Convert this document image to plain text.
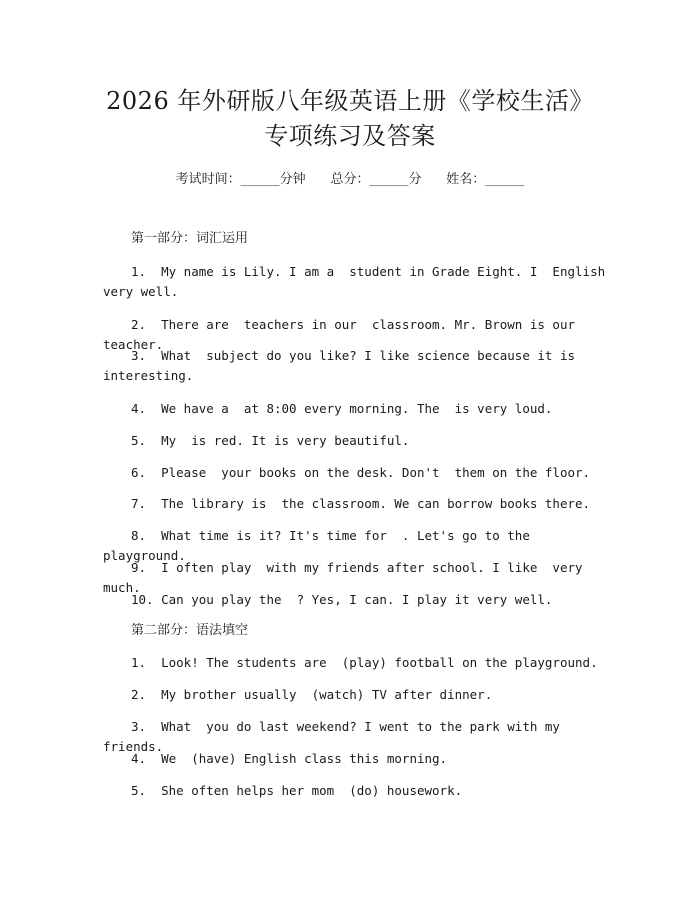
2026 年外研版八年级英语上册《学校生活》
专项练习及答案
考试时间：______分钟 总分：______分 姓名：______
第一部分：词汇运用
1.  My name is Lily. I am a  student in Grade Eight. I  English very well.
2.  There are  teachers in our  classroom. Mr. Brown is our  teacher.
3.  What  subject do you like? I like science because it is interesting.
4.  We have a  at 8:00 every morning. The  is very loud.
5.  My  is red. It is very beautiful.
6.  Please  your books on the desk. Don't  them on the floor.
7.  The library is  the classroom. We can borrow books there.
8.  What time is it? It's time for  . Let's go to the playground.
9.  I often play  with my friends after school. I like  very much.
10. Can you play the  ? Yes, I can. I play it very well.
第二部分：语法填空
1.  Look! The students are  (play) football on the playground.
2.  My brother usually  (watch) TV after dinner.
3.  What  you do last weekend? I went to the park with my friends.
4.  We  (have) English class this morning.
5.  She often helps her mom  (do) housework.
